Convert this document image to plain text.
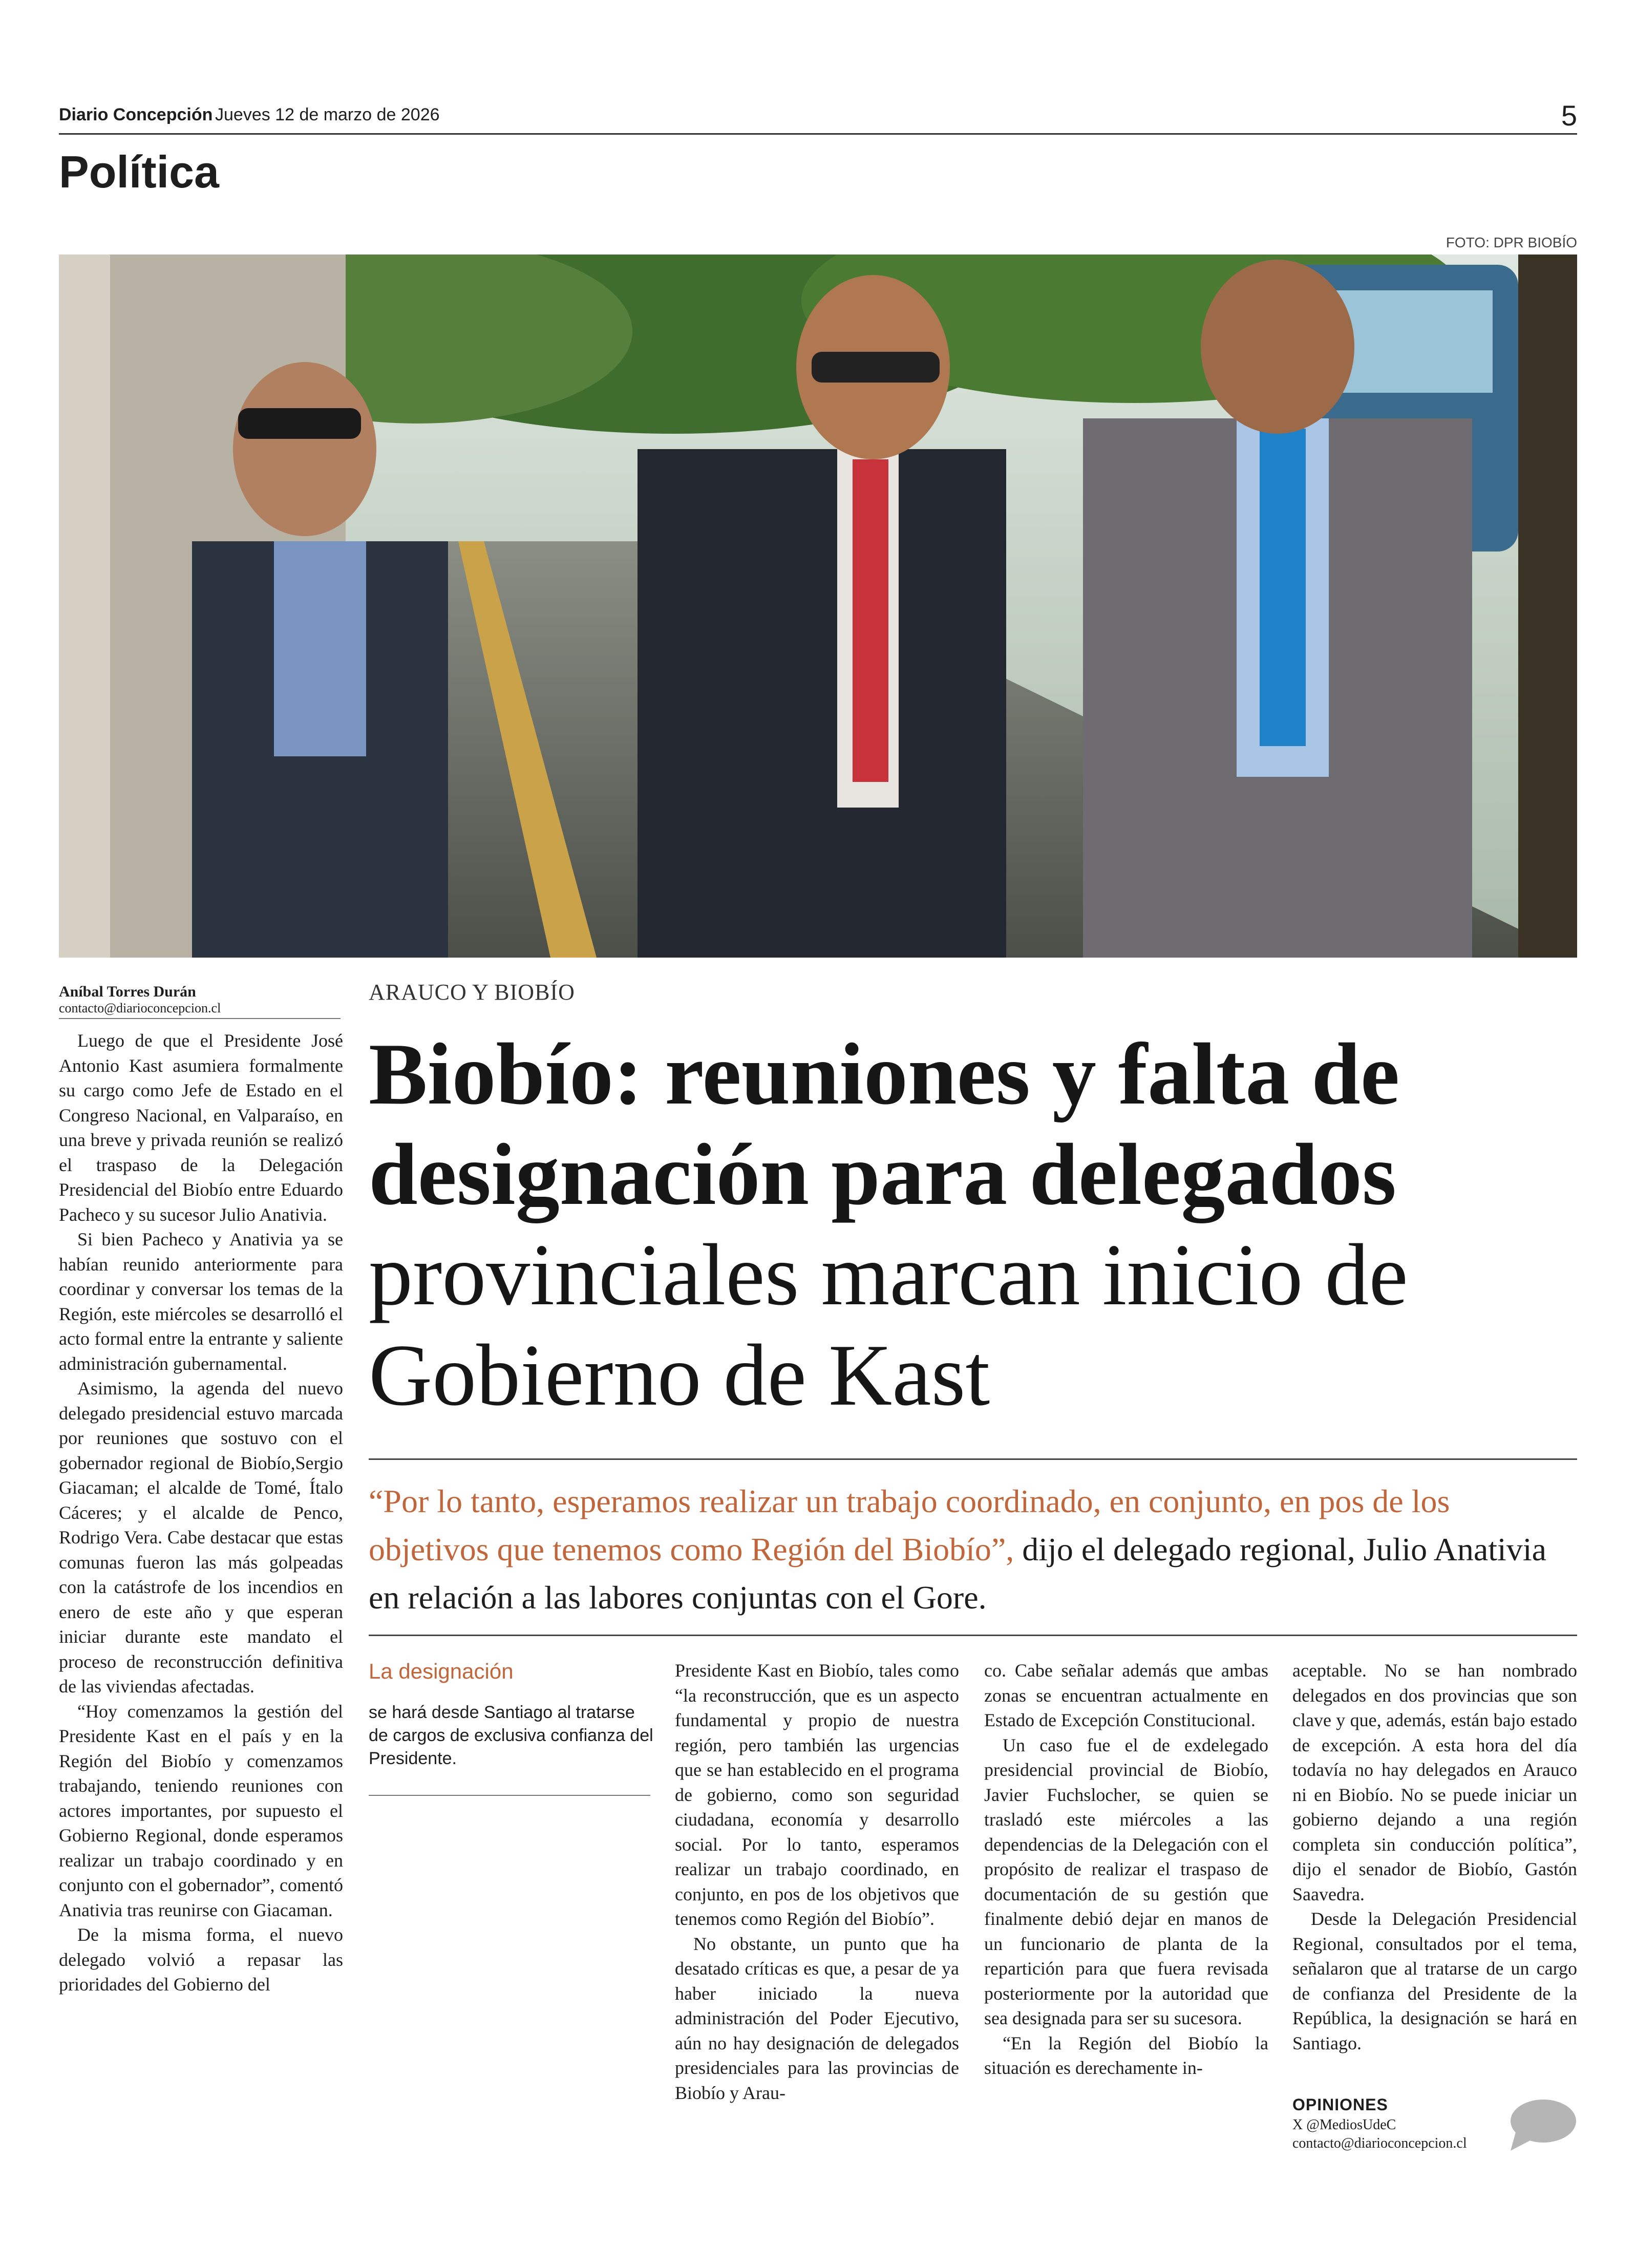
Diario Concepción Jueves 12 de marzo de 2026	5
Política
FOTO: DPR BIOBÍO
Aníbal Torres Durán
contacto@diarioconcepcion.cl
ARAUCO Y BIOBÍO
Biobío: reuniones y falta de designación para delegados
provinciales marcan inicio de Gobierno de Kast
“Por lo tanto, esperamos realizar un trabajo coordinado, en conjunto, en pos de los objetivos que tenemos como Región del Biobío”, dijo el delegado regional, Julio Anativia en relación a las labores conjuntas con el Gore.

Luego de que el Presidente José Antonio Kast asumiera formalmente su cargo como Jefe de Estado en el Congreso Nacional, en Valparaíso, en una breve y privada reunión se realizó el traspaso de la Delegación Presidencial del Biobío entre Eduardo Pacheco y su sucesor Julio Anativia.

Si bien Pacheco y Anativia ya se habían reunido anteriormente para coordinar y conversar los temas de la Región, este miércoles se desarrolló el acto formal entre la entrante y saliente administración gubernamental.

Asimismo, la agenda del nuevo delegado presidencial estuvo marcada por reuniones que sostuvo con el gobernador regional de Biobío,Sergio Giacaman; el alcalde de Tomé, Ítalo Cáceres; y el alcalde de Penco, Rodrigo Vera. Cabe destacar que estas comunas fueron las más golpeadas con la catástrofe de los incendios en enero de este año y que esperan iniciar durante este mandato el proceso de reconstrucción definitiva de las viviendas afectadas.

“Hoy comenzamos la gestión del Presidente Kast en el país y en la Región del Biobío y comenzamos trabajando, teniendo reuniones con actores importantes, por supuesto el Gobierno Regional, donde esperamos realizar un trabajo coordinado y en conjunto con el gobernador”, comentó Anativia tras reunirse con Giacaman.

De la misma forma, el nuevo delegado volvió a repasar las prioridades del Gobierno del

La designación
se hará desde Santiago al tratarse de cargos de exclusiva confianza del Presidente.

Presidente Kast en Biobío, tales como “la reconstrucción, que es un aspecto fundamental y propio de nuestra región, pero también las urgencias que se han establecido en el programa de gobierno, como son seguridad ciudadana, economía y desarrollo social. Por lo tanto, esperamos realizar un trabajo coordinado, en conjunto, en pos de los objetivos que tenemos como Región del Biobío”.

No obstante, un punto que ha desatado críticas es que, a pesar de ya haber iniciado la nueva administración del Poder Ejecutivo, aún no hay designación de delegados presidenciales para las provincias de Biobío y Arau-

co. Cabe señalar además que ambas zonas se encuentran actualmente en Estado de Excepción Constitucional.

Un caso fue el de exdelegado presidencial provincial de Biobío, Javier Fuchslocher, se quien se trasladó este miércoles a las dependencias de la Delegación con el propósito de realizar el traspaso de documentación de su gestión que finalmente debió dejar en manos de un funcionario de planta de la repartición para que fuera revisada posteriormente por la autoridad que sea designada para ser su sucesora.

“En la Región del Biobío la situación es derechamente in-

aceptable. No se han nombrado delegados en dos provincias que son clave y que, además, están bajo estado de excepción. A esta hora del día todavía no hay delegados en Arauco ni en Biobío. No se puede iniciar un gobierno dejando a una región completa sin conducción política”, dijo el senador de Biobío, Gastón Saavedra.

Desde la Delegación Presidencial Regional, consultados por el tema, señalaron que al tratarse de un cargo de confianza del Presidente de la República, la designación se hará en Santiago.

OPINIONES
X @MediosUdeC
contacto@diarioconcepcion.cl
